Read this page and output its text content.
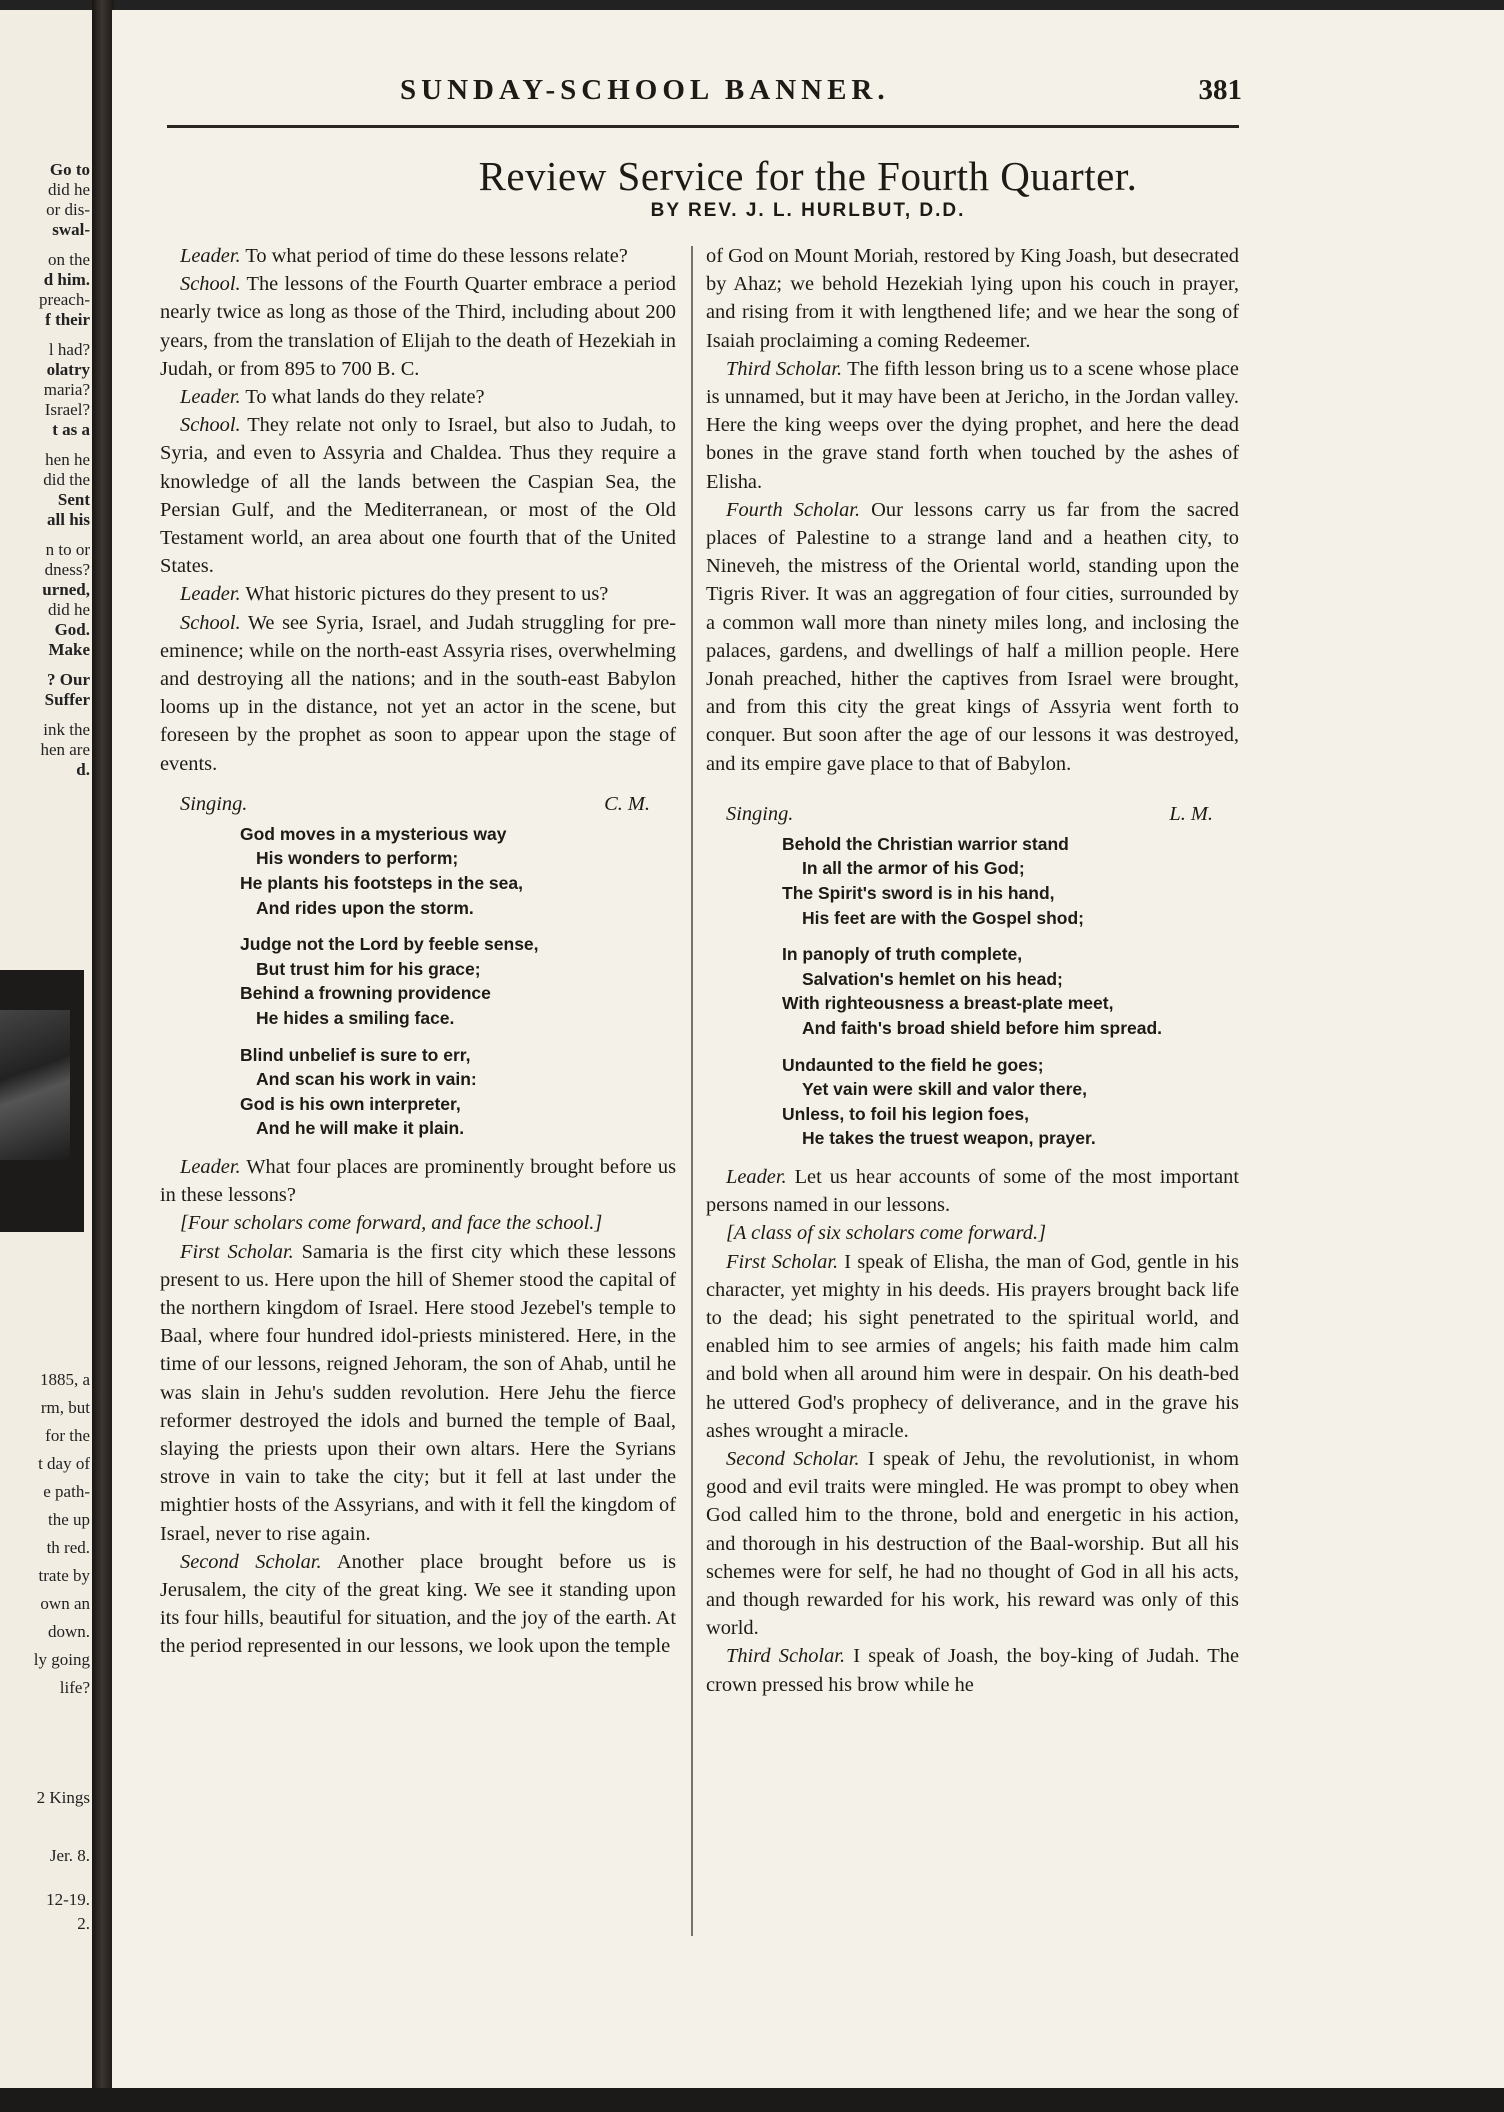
Go to
did he
or dis-
swal-
on the
d him.
preach-
f their
l had?
olatry
maria?
Israel?
t as a
hen he
did the
Sent
all his
n to or
dness?
urned,
did he
God.
Make
? Our
Suffer
ink the
hen are
d.
1885, a
rm, but
for the
t day of
e path-
the up
th red.
trate by
own an
down.
ly going
life?
2 Kings
Jer. 8.
12-19.
2.
SUNDAY-SCHOOL BANNER.	381
Review Service for the Fourth Quarter.
BY REV. J. L. HURLBUT, D.D.

Leader. To what period of time do these lessons relate?

School. The lessons of the Fourth Quarter embrace a period nearly twice as long as those of the Third, including about 200 years, from the translation of Elijah to the death of Hezekiah in Judah, or from 895 to 700 B. C.

Leader. To what lands do they relate?

School. They relate not only to Israel, but also to Judah, to Syria, and even to Assyria and Chaldea. Thus they require a knowledge of all the lands between the Caspian Sea, the Persian Gulf, and the Mediterranean, or most of the Old Testament world, an area about one fourth that of the United States.

Leader. What historic pictures do they present to us?

School. We see Syria, Israel, and Judah struggling for pre-eminence; while on the north-east Assyria rises, overwhelming and destroying all the nations; and in the south-east Babylon looms up in the distance, not yet an actor in the scene, but foreseen by the prophet as soon to appear upon the stage of events.

Singing.	C. M.
God moves in a mysterious way
His wonders to perform;
He plants his footsteps in the sea,
And rides upon the storm.
Judge not the Lord by feeble sense,
But trust him for his grace;
Behind a frowning providence
He hides a smiling face.
Blind unbelief is sure to err,
And scan his work in vain:
God is his own interpreter,
And he will make it plain.

Leader. What four places are prominently brought before us in these lessons?

[Four scholars come forward, and face the school.]

First Scholar. Samaria is the first city which these lessons present to us. Here upon the hill of Shemer stood the capital of the northern kingdom of Israel. Here stood Jezebel's temple to Baal, where four hundred idol-priests ministered. Here, in the time of our lessons, reigned Jehoram, the son of Ahab, until he was slain in Jehu's sudden revolution. Here Jehu the fierce reformer destroyed the idols and burned the temple of Baal, slaying the priests upon their own altars. Here the Syrians strove in vain to take the city; but it fell at last under the mightier hosts of the Assyrians, and with it fell the kingdom of Israel, never to rise again.

Second Scholar. Another place brought before us is Jerusalem, the city of the great king. We see it standing upon its four hills, beautiful for situation, and the joy of the earth. At the period represented in our lessons, we look upon the temple

of God on Mount Moriah, restored by King Joash, but desecrated by Ahaz; we behold Hezekiah lying upon his couch in prayer, and rising from it with lengthened life; and we hear the song of Isaiah proclaiming a coming Redeemer.

Third Scholar. The fifth lesson bring us to a scene whose place is unnamed, but it may have been at Jericho, in the Jordan valley. Here the king weeps over the dying prophet, and here the dead bones in the grave stand forth when touched by the ashes of Elisha.

Fourth Scholar. Our lessons carry us far from the sacred places of Palestine to a strange land and a heathen city, to Nineveh, the mistress of the Oriental world, standing upon the Tigris River. It was an aggregation of four cities, surrounded by a common wall more than ninety miles long, and inclosing the palaces, gardens, and dwellings of half a million people. Here Jonah preached, hither the captives from Israel were brought, and from this city the great kings of Assyria went forth to conquer. But soon after the age of our lessons it was destroyed, and its empire gave place to that of Babylon.

Singing.	L. M.
Behold the Christian warrior stand
In all the armor of his God;
The Spirit's sword is in his hand,
His feet are with the Gospel shod;
In panoply of truth complete,
Salvation's hemlet on his head;
With righteousness a breast-plate meet,
And faith's broad shield before him spread.
Undaunted to the field he goes;
Yet vain were skill and valor there,
Unless, to foil his legion foes,
He takes the truest weapon, prayer.

Leader. Let us hear accounts of some of the most important persons named in our lessons.

[A class of six scholars come forward.]

First Scholar. I speak of Elisha, the man of God, gentle in his character, yet mighty in his deeds. His prayers brought back life to the dead; his sight penetrated to the spiritual world, and enabled him to see armies of angels; his faith made him calm and bold when all around him were in despair. On his death-bed he uttered God's prophecy of deliverance, and in the grave his ashes wrought a miracle.

Second Scholar. I speak of Jehu, the revolutionist, in whom good and evil traits were mingled. He was prompt to obey when God called him to the throne, bold and energetic in his action, and thorough in his destruction of the Baal-worship. But all his schemes were for self, he had no thought of God in all his acts, and though rewarded for his work, his reward was only of this world.

Third Scholar. I speak of Joash, the boy-king of Judah. The crown pressed his brow while he
